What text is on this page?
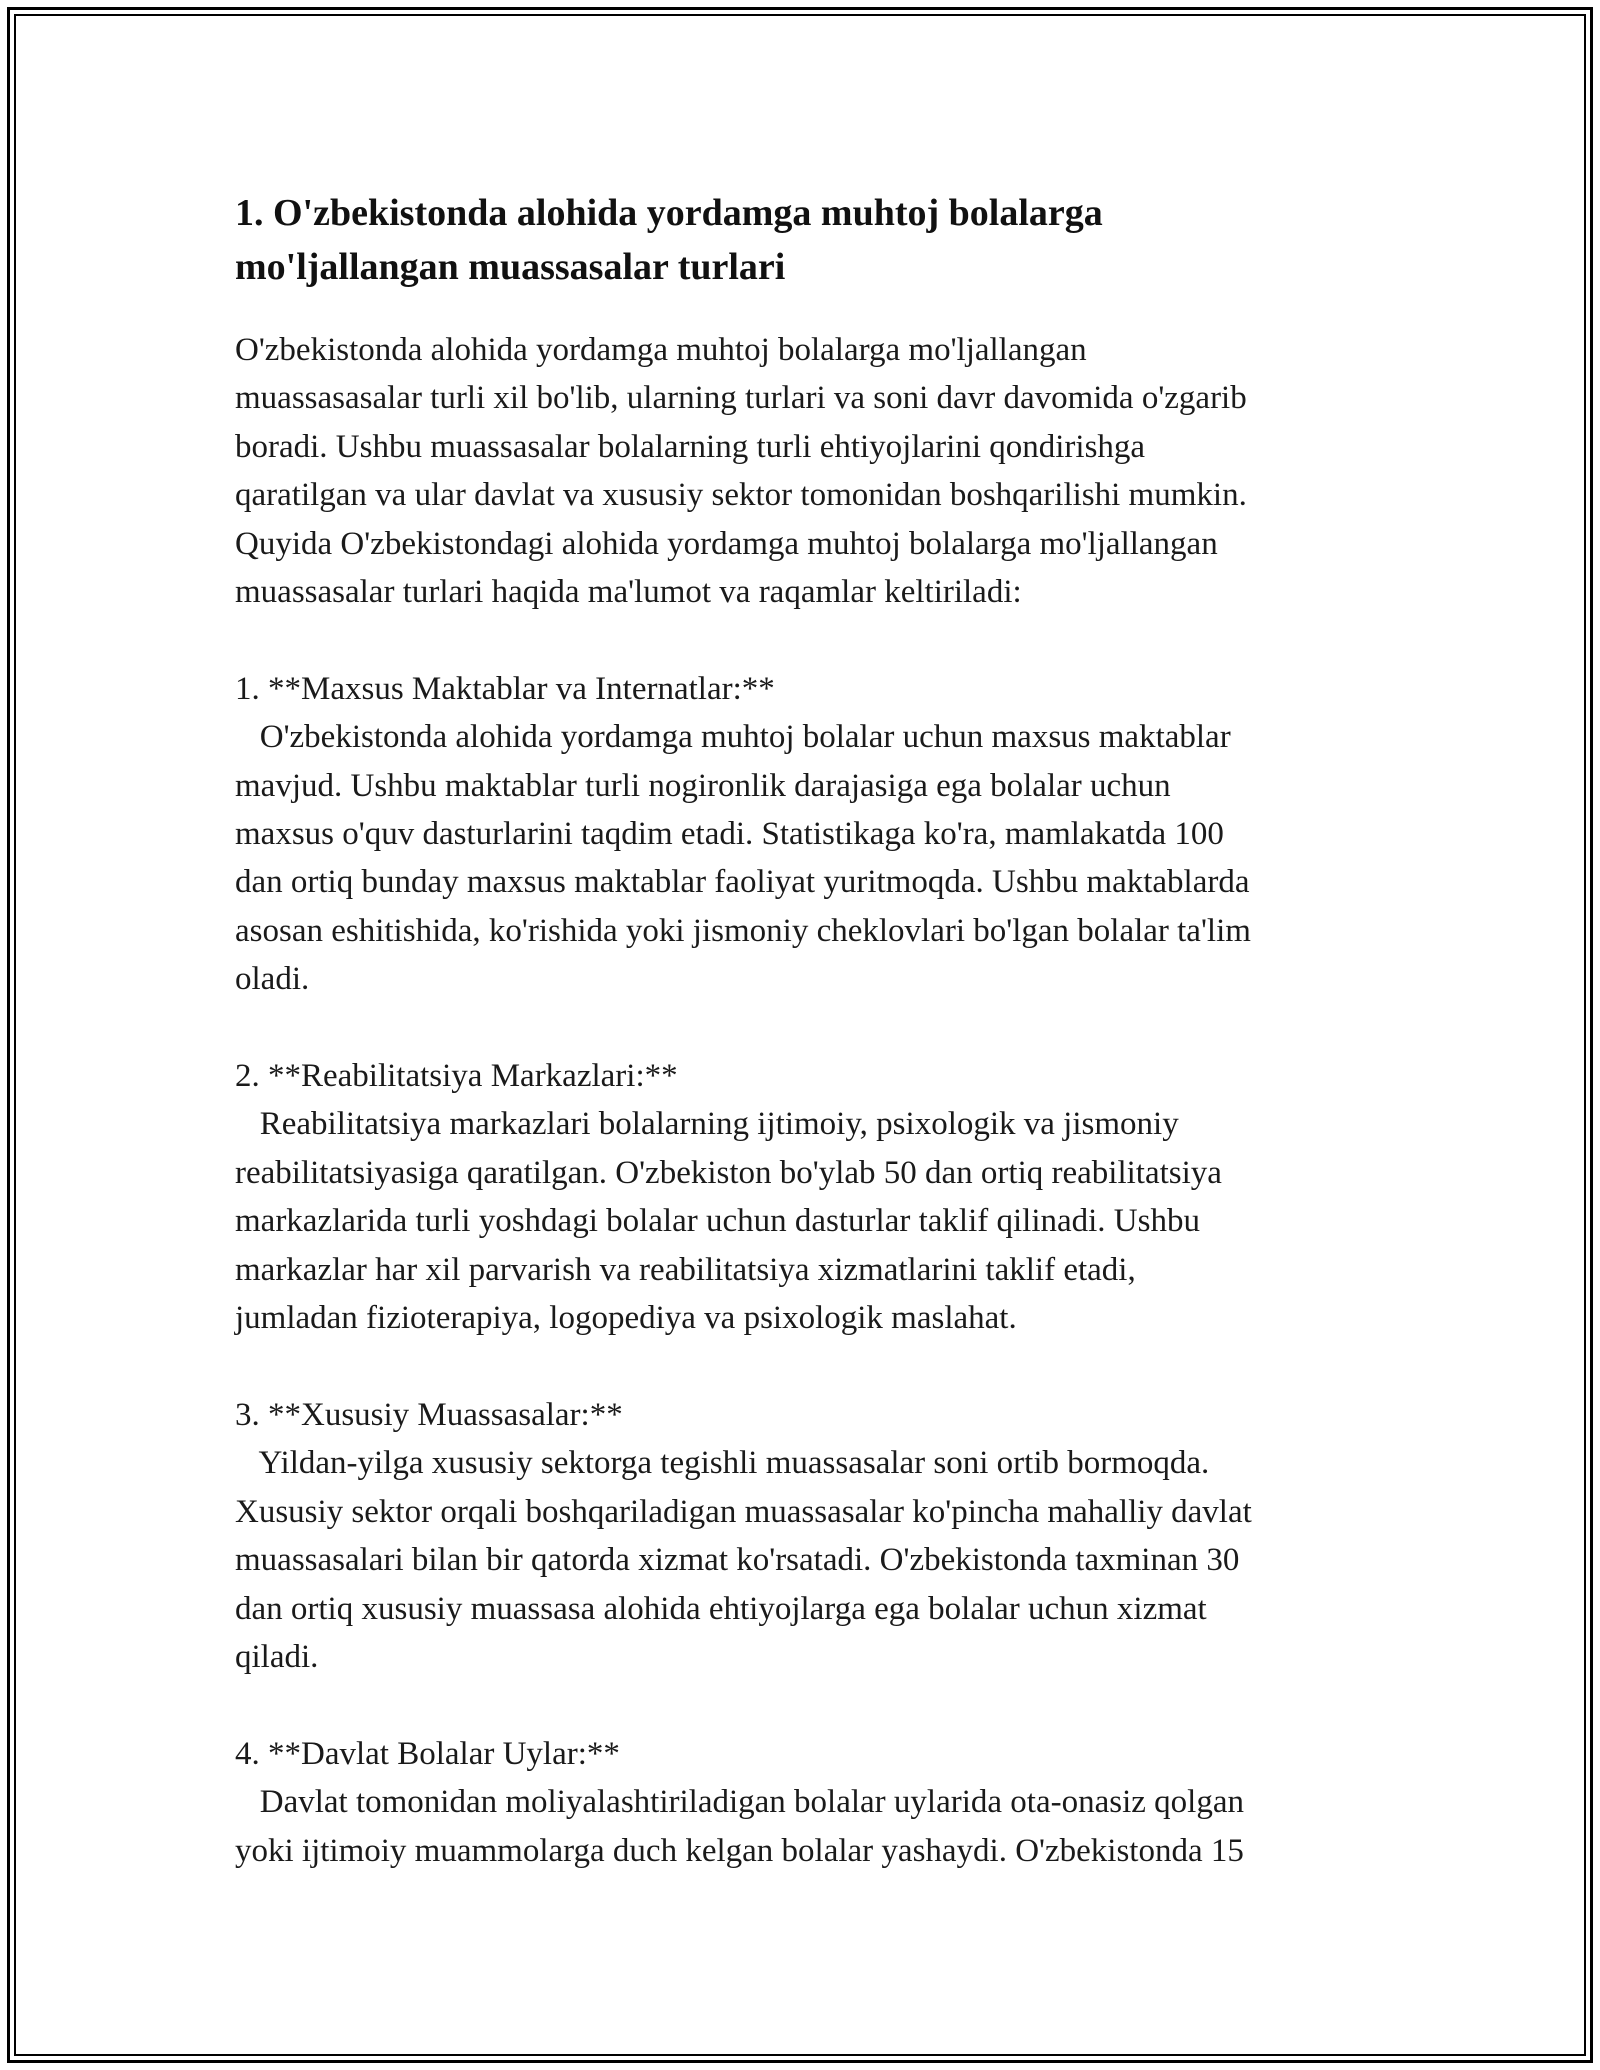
1. O'zbekistonda alohida yordamga muhtoj bolalarga
mo'ljallangan muassasalar turlari
O'zbekistonda alohida yordamga muhtoj bolalarga mo'ljallangan
muassasasalar turli xil bo'lib, ularning turlari va soni davr davomida o'zgarib
boradi. Ushbu muassasalar bolalarning turli ehtiyojlarini qondirishga
qaratilgan va ular davlat va xususiy sektor tomonidan boshqarilishi mumkin.
Quyida O'zbekistondagi alohida yordamga muhtoj bolalarga mo'ljallangan
muassasalar turlari haqida ma'lumot va raqamlar keltiriladi:
1. **Maxsus Maktablar va Internatlar:**
O'zbekistonda alohida yordamga muhtoj bolalar uchun maxsus maktablar
mavjud. Ushbu maktablar turli nogironlik darajasiga ega bolalar uchun
maxsus o'quv dasturlarini taqdim etadi. Statistikaga ko'ra, mamlakatda 100
dan ortiq bunday maxsus maktablar faoliyat yuritmoqda. Ushbu maktablarda
asosan eshitishida, ko'rishida yoki jismoniy cheklovlari bo'lgan bolalar ta'lim
oladi.
2. **Reabilitatsiya Markazlari:**
Reabilitatsiya markazlari bolalarning ijtimoiy, psixologik va jismoniy
reabilitatsiyasiga qaratilgan. O'zbekiston bo'ylab 50 dan ortiq reabilitatsiya
markazlarida turli yoshdagi bolalar uchun dasturlar taklif qilinadi. Ushbu
markazlar har xil parvarish va reabilitatsiya xizmatlarini taklif etadi,
jumladan fizioterapiya, logopediya va psixologik maslahat.
3. **Xususiy Muassasalar:**
Yildan-yilga xususiy sektorga tegishli muassasalar soni ortib bormoqda.
Xususiy sektor orqali boshqariladigan muassasalar ko'pincha mahalliy davlat
muassasalari bilan bir qatorda xizmat ko'rsatadi. O'zbekistonda taxminan 30
dan ortiq xususiy muassasa alohida ehtiyojlarga ega bolalar uchun xizmat
qiladi.
4. **Davlat Bolalar Uylar:**
Davlat tomonidan moliyalashtiriladigan bolalar uylarida ota-onasiz qolgan
yoki ijtimoiy muammolarga duch kelgan bolalar yashaydi. O'zbekistonda 15
